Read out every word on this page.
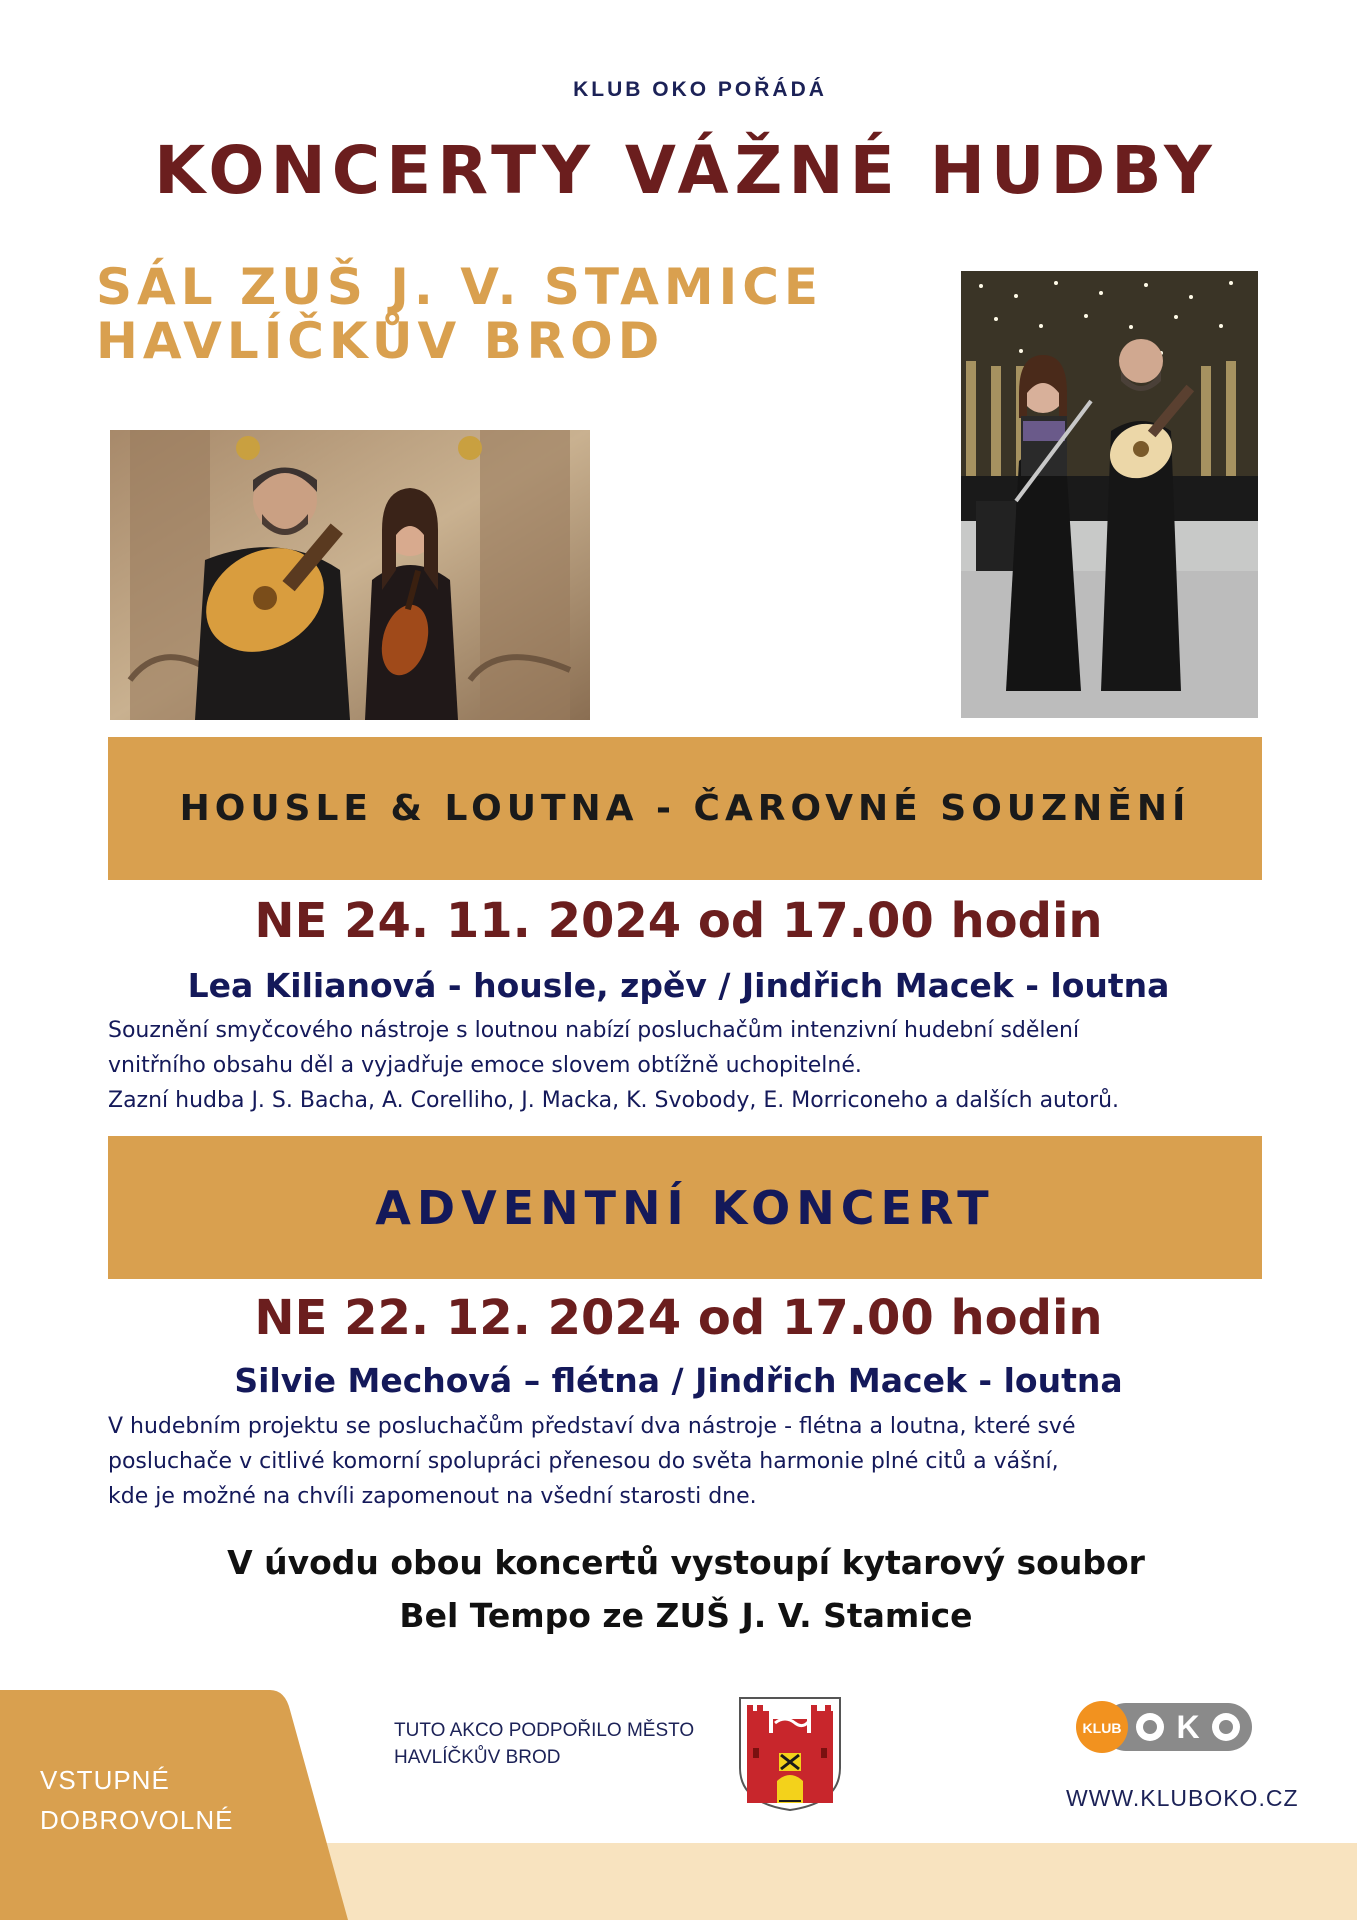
KLUB OKO POŘÁDÁ
KONCERTY VÁŽNÉ HUDBY
SÁL ZUŠ J. V. STAMICE
HAVLÍČKŮV BROD
HOUSLE & LOUTNA - ČAROVNÉ SOUZNĚNÍ
NE 24. 11. 2024 od 17.00 hodin
Lea Kilianová - housle, zpěv / Jindřich Macek - loutna
Souznění smyčcového nástroje s loutnou nabízí posluchačům intenzivní hudební sdělení
vnitřního obsahu děl a vyjadřuje emoce slovem obtížně uchopitelné.
Zazní hudba J. S. Bacha, A. Corelliho, J. Macka, K. Svobody, E. Morriconeho a dalších autorů.
ADVENTNÍ KONCERT
NE 22. 12. 2024 od 17.00 hodin
Silvie Mechová – flétna / Jindřich Macek - loutna
V hudebním projektu se posluchačům představí dva nástroje - flétna a loutna, které své
posluchače v citlivé komorní spolupráci přenesou do světa harmonie plné citů a vášní,
kde je možné na chvíli zapomenout na všední starosti dne.
V úvodu obou koncertů vystoupí kytarový soubor
Bel Tempo ze ZUŠ J. V. Stamice
VSTUPNÉ
DOBROVOLNÉ
TUTO AKCO PODPOŘILO MĚSTO
HAVLÍČKŮV BROD
KLUB K
WWW.KLUBOKO.CZ
